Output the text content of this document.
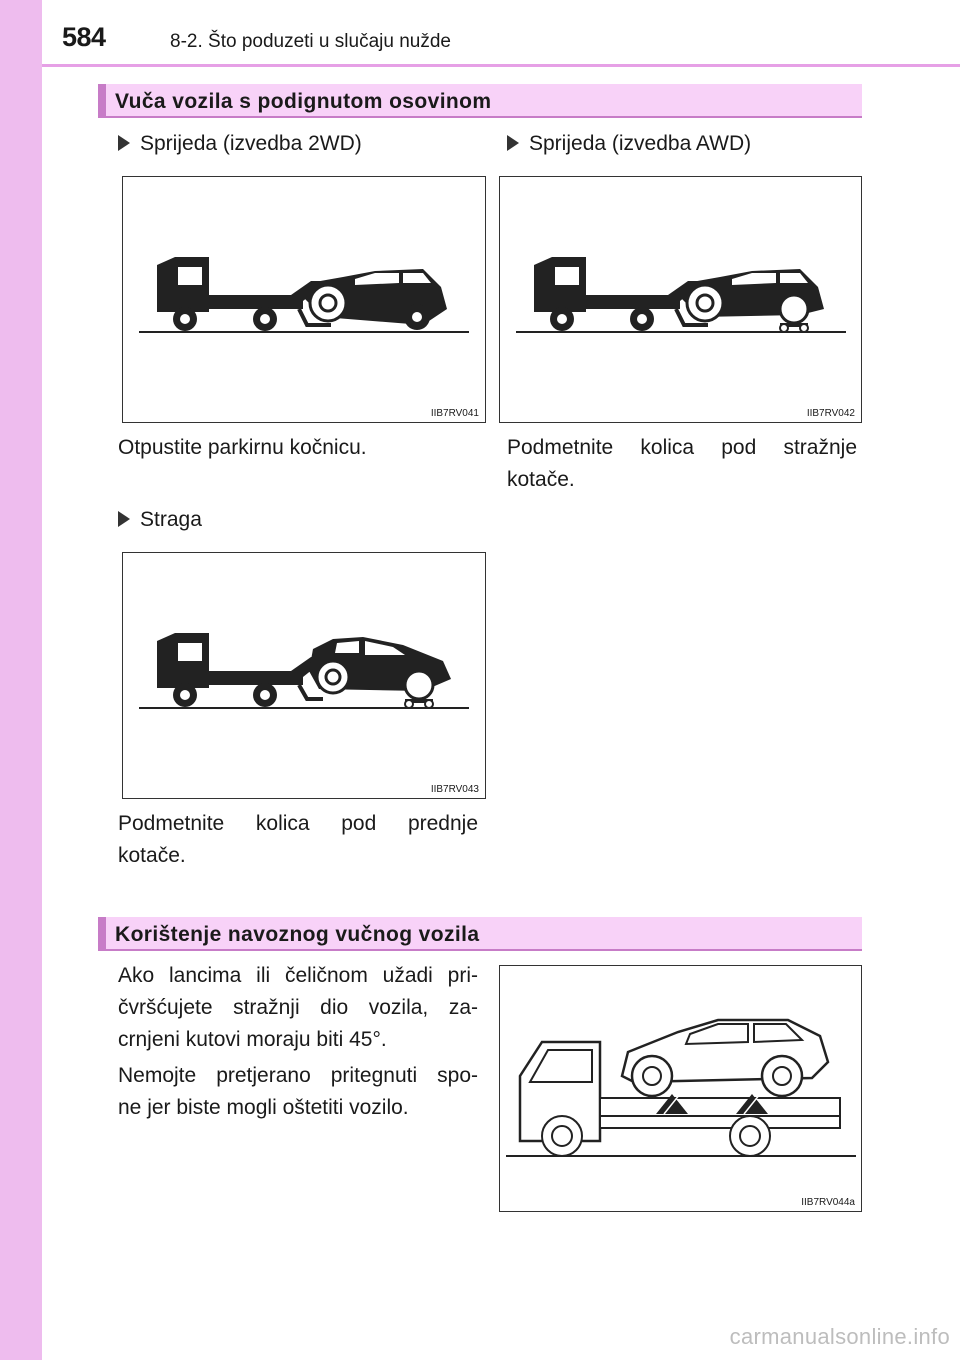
584	8-2. Što poduzeti u slučaju nužde
Vuča vozila s podignutom osovinom
Sprijeda (izvedba 2WD)	Sprijeda (izvedba AWD)
IIB7RV041	IIB7RV042
Otpustite parkirnu kočnicu.	Podmetnite kolica pod stražnje
kotače.
Straga
IIB7RV043
Podmetnite kolica pod prednje
kotače.
Korištenje navoznog vučnog vozila
Ako lancima ili čeličnom užadi pri-
čvršćujete stražnji dio vozila, za-
crnjeni kutovi moraju biti 45°.
Nemojte pretjerano pritegnuti spo-
ne jer biste mogli oštetiti vozilo.
IIB7RV044a
carmanualsonline.info
